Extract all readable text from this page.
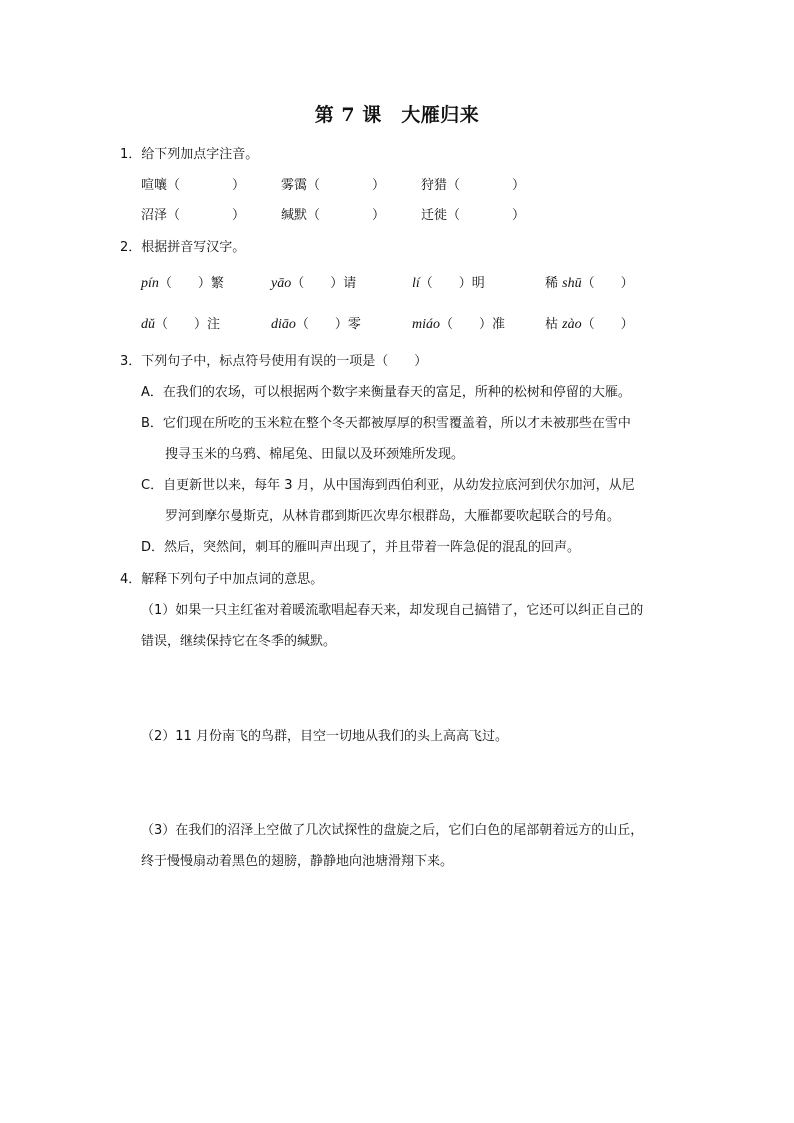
第 7 课　大雁归来
1．给下列加点字注音。
喧嚷（　　　　）	雾霭（　　　　）	狩猎（　　　　）
沼泽（　　　　）	缄默（　　　　）	迁徙（　　　　）
2．根据拼音写汉字。
pín（　　）繁	yāo（　　）请	lí（　　）明	稀 shū（　　）
dǔ（　　）注	diāo（　　）零	miáo（　　）准	枯 zào（　　）
3．下列句子中，标点符号使用有误的一项是（　　）
A．在我们的农场，可以根据两个数字来衡量春天的富足，所种的松树和停留的大雁。
B．它们现在所吃的玉米粒在整个冬天都被厚厚的积雪覆盖着，所以才未被那些在雪中
搜寻玉米的乌鸦、棉尾兔、田鼠以及环颈雉所发现。
C．自更新世以来，每年 3 月，从中国海到西伯利亚，从幼发拉底河到伏尔加河，从尼
罗河到摩尔曼斯克，从林肯郡到斯匹次卑尔根群岛，大雁都要吹起联合的号角。
D．然后，突然间，刺耳的雁叫声出现了，并且带着一阵急促的混乱的回声。
4．解释下列句子中加点词的意思。
（1）如果一只主红雀对着暖流歌唱起春天来，却发现自己搞错了，它还可以纠正自己的
错误，继续保持它在冬季的缄默。
（2）11 月份南飞的鸟群，目空一切地从我们的头上高高飞过。
（3）在我们的沼泽上空做了几次试探性的盘旋之后，它们白色的尾部朝着远方的山丘，
终于慢慢扇动着黑色的翅膀，静静地向池塘滑翔下来。
